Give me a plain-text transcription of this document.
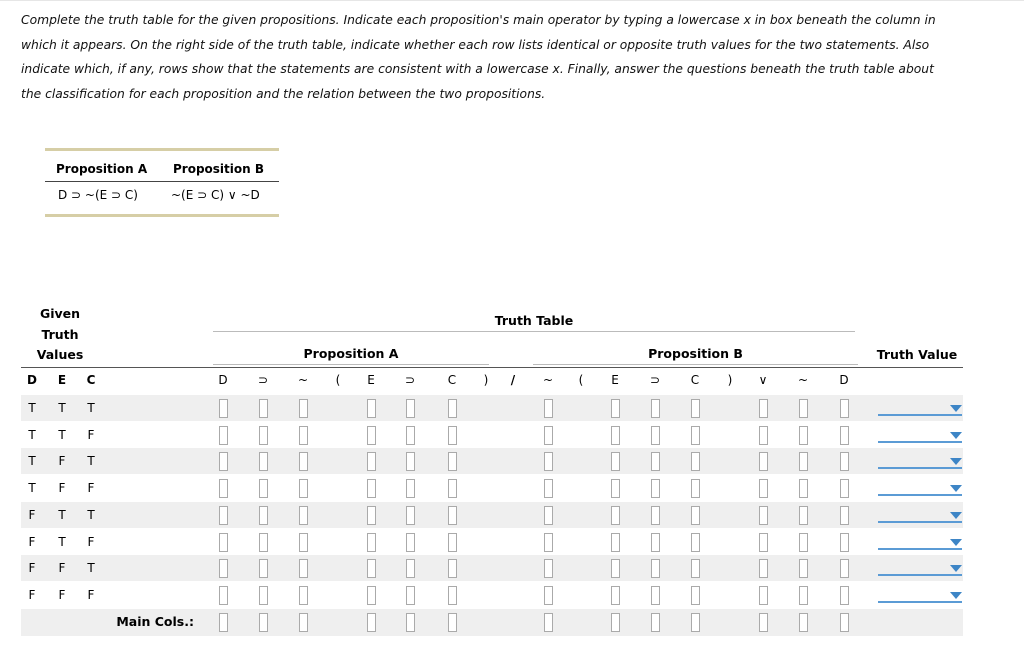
Complete the truth table for the given propositions. Indicate each proposition's main operator by typing a lowercase x in box beneath the column in which it appears. On the right side of the truth table, indicate whether each row lists identical or opposite truth values for the two statements. Also indicate which, if any, rows show that the statements are consistent with a lowercase x. Finally, answer the questions beneath the truth table about the classification for each proposition and the relation between the two propositions.
Proposition A Proposition B
D ⊃ ~(E ⊃ C)	~(E ⊃ C) ∨ ~D
Given
Truth
Values
Truth Table
Proposition A	Proposition B	Truth Value
D	E	C	D	⊃	~	(	E	⊃	C	)	/	~	(	E	⊃	C	)	∨	~	D
T	T	T
T	T	F
T	F	T
T	F	F
F	T	T
F	T	F
F	F	T
F	F	F
Main Cols.:
